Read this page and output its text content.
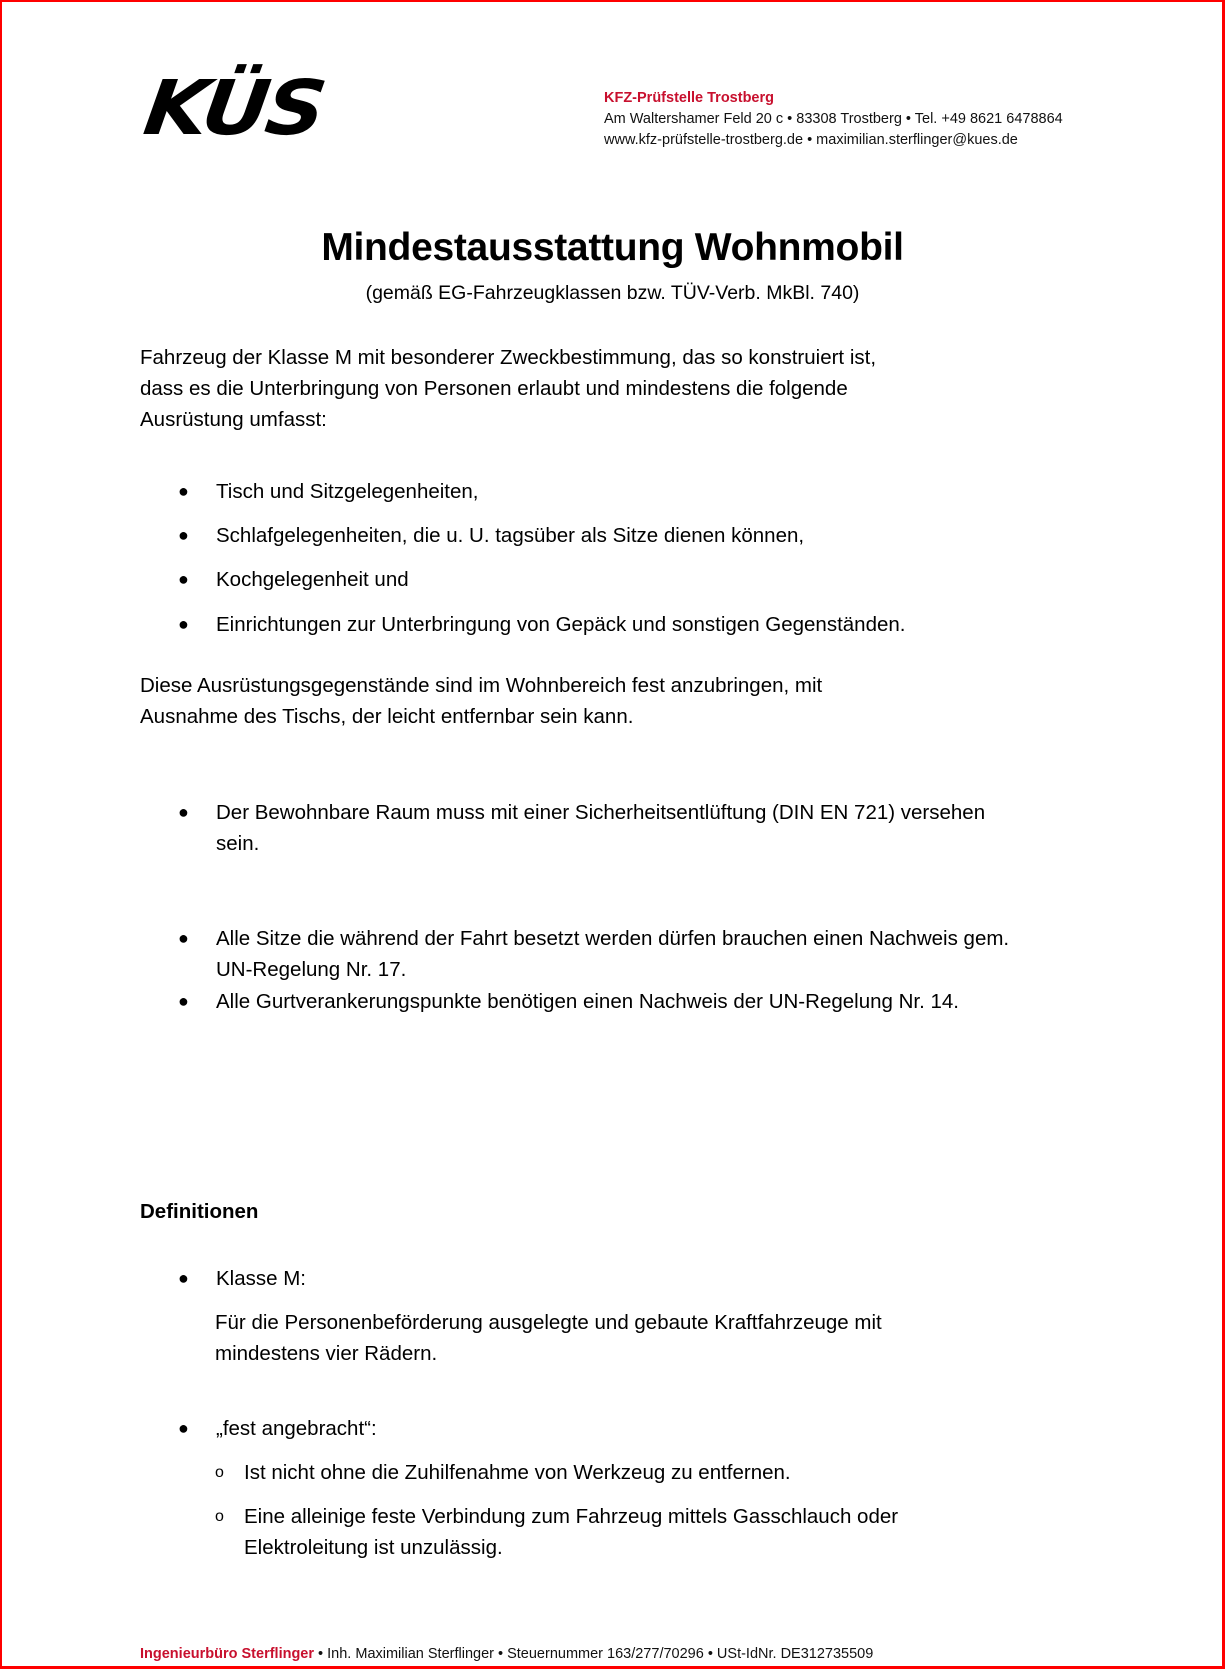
KÜS	KFZ-Prüfstelle Trostberg
Am Waltershamer Feld 20 c • 83308 Trostberg • Tel. +49 8621 6478864
www.kfz-prüfstelle-trostberg.de • maximilian.sterflinger@kues.de
Mindestausstattung Wohnmobil
(gemäß EG-Fahrzeugklassen bzw. TÜV-Verb. MkBl. 740)
Fahrzeug der Klasse M mit besonderer Zweckbestimmung, das so konstruiert ist,
dass es die Unterbringung von Personen erlaubt und mindestens die folgende
Ausrüstung umfasst:
●	Tisch und Sitzgelegenheiten,
●	Schlafgelegenheiten, die u. U. tagsüber als Sitze dienen können,
●	Kochgelegenheit und
●	Einrichtungen zur Unterbringung von Gepäck und sonstigen Gegenständen.
Diese Ausrüstungsgegenstände sind im Wohnbereich fest anzubringen, mit
Ausnahme des Tischs, der leicht entfernbar sein kann.
●	Der Bewohnbare Raum muss mit einer Sicherheitsentlüftung (DIN EN 721) versehen
sein.
●	Alle Sitze die während der Fahrt besetzt werden dürfen brauchen einen Nachweis gem.
UN-Regelung Nr. 17.
●	Alle Gurtverankerungspunkte benötigen einen Nachweis der UN-Regelung Nr. 14.
Definitionen
●	Klasse M:
Für die Personenbeförderung ausgelegte und gebaute Kraftfahrzeuge mit
mindestens vier Rädern.
●	„fest angebracht“:
o Ist nicht ohne die Zuhilfenahme von Werkzeug zu entfernen.
o Eine alleinige feste Verbindung zum Fahrzeug mittels Gasschlauch oder
Elektroleitung ist unzulässig.
Ingenieurbüro Sterflinger • Inh. Maximilian Sterflinger • Steuernummer 163/277/70296 • USt-IdNr. DE312735509
